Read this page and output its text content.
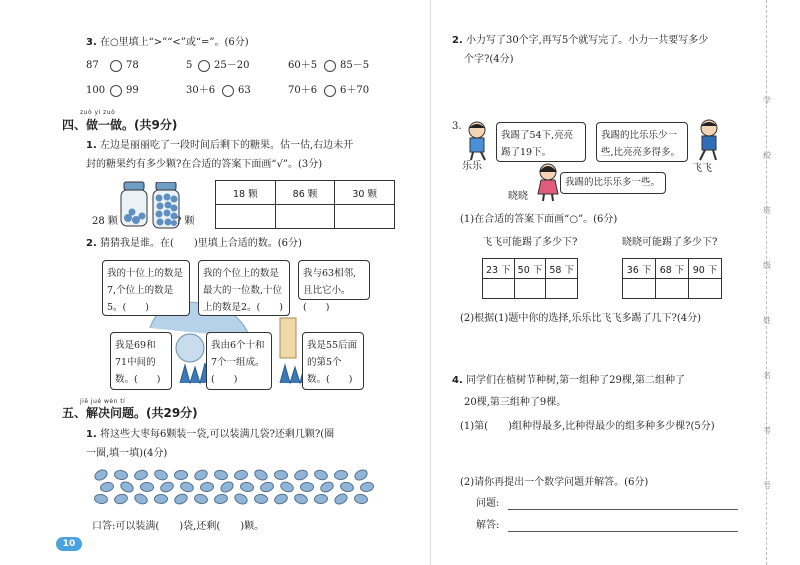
3. 在○里填上“>”“<”或“=”。(6分)
87	78	5 25－20	60＋5 85－5
100 99	30＋6 63	70＋6 6＋70
zuò yi zuò
四、做一做。(共9分)
1. 左边是丽丽吃了一段时间后剩下的糖果。估一估,右边未开
封的糖果约有多少颗?在合适的答案下面画“√”。(3分)
28 颗	? 颗
18 颗	86 颗	30 颗

2. 猜猜我是谁。在(　　)里填上合适的数。(6分)
我的十位上的数是7,个位上的数是5。(　　)
我的个位上的数是最大的一位数,十位上的数是2。(　　)
我与63相邻,且比它小。(　　)
我是69和71中间的数。(　　)
我由6个十和7个一组成。(　　)
我是55后面的第5个数。(　　)
jiě jué wèn tí
五、解决问题。(共29分)
1. 将这些大枣每6颗装一袋,可以装满几袋?还剩几颗?(圈
一圈,填一填)(4分)
口答:可以装满(　　)袋,还剩(　　)颗。
10
2. 小力写了30个字,再写5个就写完了。小力一共要写多少
个字?(4分)
3.
乐乐
我踢了54下,亮亮踢了19下。
我踢的比乐乐少一些,比亮亮多得多。
飞飞
晓晓
我踢的比乐乐多一些。
(1)在合适的答案下面画“○”。(6分)
飞飞可能踢了多少下?	晓晓可能踢了多少下?
23 下	50 下	58 下
			36 下	68 下	90 下

(2)根据(1)题中你的选择,乐乐比飞飞多踢了几下?(4分)
4. 同学们在植树节种树,第一组种了29棵,第二组种了
20棵,第三组种了9棵。
(1)第(　　)组种得最多,比种得最少的组多种多少棵?(5分)
(2)请你再提出一个数学问题并解答。(6分)
问题:
解答:
学
校
班
级
姓
名
考
号
